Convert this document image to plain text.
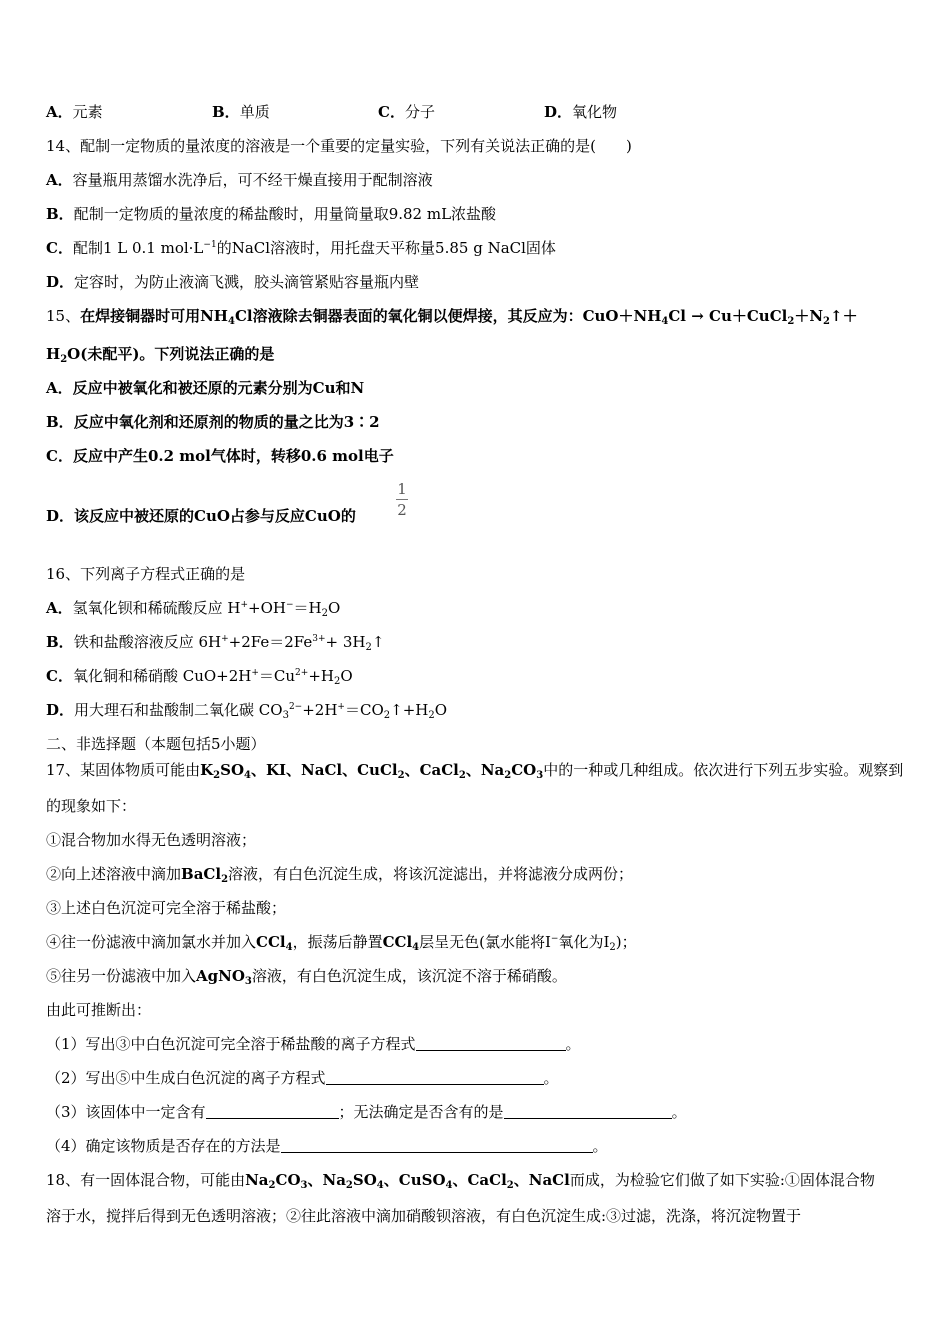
A．元素	B．单质	C．分子	D．氧化物
14、配制一定物质的量浓度的溶液是一个重要的定量实验，下列有关说法正确的是(　　)
A．容量瓶用蒸馏水洗净后，可不经干燥直接用于配制溶液
B．配制一定物质的量浓度的稀盐酸时，用量筒量取9.82 mL浓盐酸
C．配制1 L 0.1 $mol\cdot L^{-1}$的NaCl溶液时，用托盘天平称量5.85 g NaCl固体
D．定容时，为防止液滴飞溅，胶头滴管紧贴容量瓶内壁
15、在焊接铜器时可用$NH_4Cl$溶液除去铜器表面的氧化铜以便焊接，其反应为：$CuO+NH_4Cl$ → $Cu+CuCl_2+N_2↑+$
$H_2O$(未配平)。下列说法正确的是
A．反应中被氧化和被还原的元素分别为Cu和N
B．反应中氧化剂和还原剂的物质的量之比为3∶2
C．反应中产生0.2 mol气体时，转移0.6 mol电子
D．该反应中被还原的CuO占参与反应CuO的
1
2
16、下列离子方程式正确的是
A．氢氧化钡和稀硫酸反应 $H^++OH^-=H_2O$
B．铁和盐酸溶液反应 $6H^++2Fe=2Fe^{3+}+$ $3H_2↑$
C．氧化铜和稀硝酸 $CuO+2H^+=Cu^{2+}+H_2O$
D．用大理石和盐酸制二氧化碳 $CO_3^{2-}+2H^+=CO_2↑+H_2O$
二、非选择题（本题包括5小题）
17、某固体物质可能由$K_2SO_4$、KI、NaCl、CuCl$_2$、CaCl$_2$、$Na_2CO_3$中的一种或几种组成。依次进行下列五步实验。观察到
的现象如下：
①混合物加水得无色透明溶液；
②向上述溶液中滴加BaCl$_2$溶液，有白色沉淀生成，将该沉淀滤出，并将滤液分成两份；
③上述白色沉淀可完全溶于稀盐酸；
④往一份滤液中滴加氯水并加入CCl$_4$，振荡后静置CCl$_4$层呈无色(氯水能将I−氧化为$I_2$)；
⑤往另一份滤液中加入AgNO$_3$溶液，有白色沉淀生成，该沉淀不溶于稀硝酸。
由此可推断出：
（1）写出③中白色沉淀可完全溶于稀盐酸的离子方程式	。
（2）写出⑤中生成白色沉淀的离子方程式	。
（3）该固体中一定含有	；无法确定是否含有的是	。
（4）确定该物质是否存在的方法是	。
18、有一固体混合物，可能由$Na_2CO_3$、$Na_2SO_4$、CuSO$_4$、CaCl$_2$、NaCl而成，为检验它们做了如下实验:①固体混合物
溶于水，搅拌后得到无色透明溶液；②往此溶液中滴加硝酸钡溶液，有白色沉淀生成:③过滤，洗涤，将沉淀物置于
